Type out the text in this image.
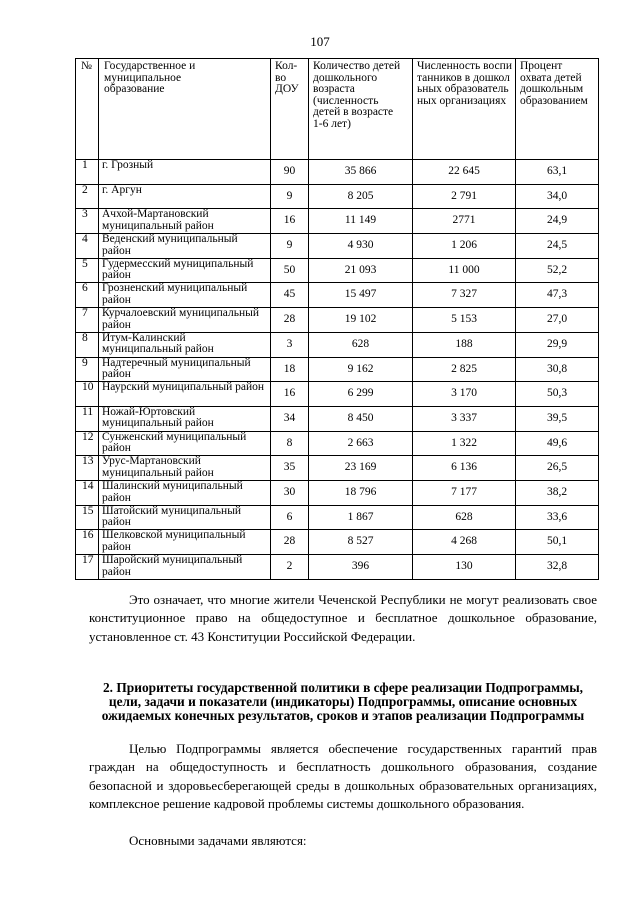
107
№	Государственное и муниципальное образование	Кол-во ДОУ	Количество детей дошкольного возраста (численность детей в возрасте 1-6 лет)	Численность воспитанников в дошкольных образовательных организациях	Процент охвата детей дошкольным образованием
1	г. Грозный	90	35 866	22 645	63,1
2	г. Аргун	9	8 205	2 791	34,0
3	Ачхой-Мартановский муниципальный район	16	11 149	2771	24,9
4	Веденский муниципальный район	9	4 930	1 206	24,5
5	Гудермесский муниципальный район	50	21 093	11 000	52,2
6	Грозненский муниципальный район	45	15 497	7 327	47,3
7	Курчалоевский муниципальный район	28	19 102	5 153	27,0
8	Итум-Калинский муниципальный район	3	628	188	29,9
9	Надтеречный муниципальный район	18	9 162	2 825	30,8
10	Наурский муниципальный район	16	6 299	3 170	50,3
11	Ножай-Юртовский муниципальный район	34	8 450	3 337	39,5
12	Сунженский муниципальный район	8	2 663	1 322	49,6
13	Урус-Мартановский муниципальный район	35	23 169	6 136	26,5
14	Шалинский муниципальный район	30	18 796	7 177	38,2
15	Шатойский муниципальный район	6	1 867	628	33,6
16	Шелковской муниципальный район	28	8 527	4 268	50,1
17	Шаройский муниципальный район	2	396	130	32,8

Это означает, что многие жители Чеченской Республики не могут реализовать свое конституционное право на общедоступное и бесплатное дошкольное образование, установленное ст. 43 Конституции Российской Федерации.

2. Приоритеты государственной политики в сфере реализации Подпрограммы, цели, задачи и показатели (индикаторы) Подпрограммы, описание основных ожидаемых конечных результатов, сроков и этапов реализации Подпрограммы

Целью Подпрограммы является обеспечение государственных гарантий прав граждан на общедоступность и бесплатность дошкольного образования, создание безопасной и здоровьесберегающей среды в дошкольных образовательных организациях, комплексное решение кадровой проблемы системы дошкольного образования.

Основными задачами являются:
